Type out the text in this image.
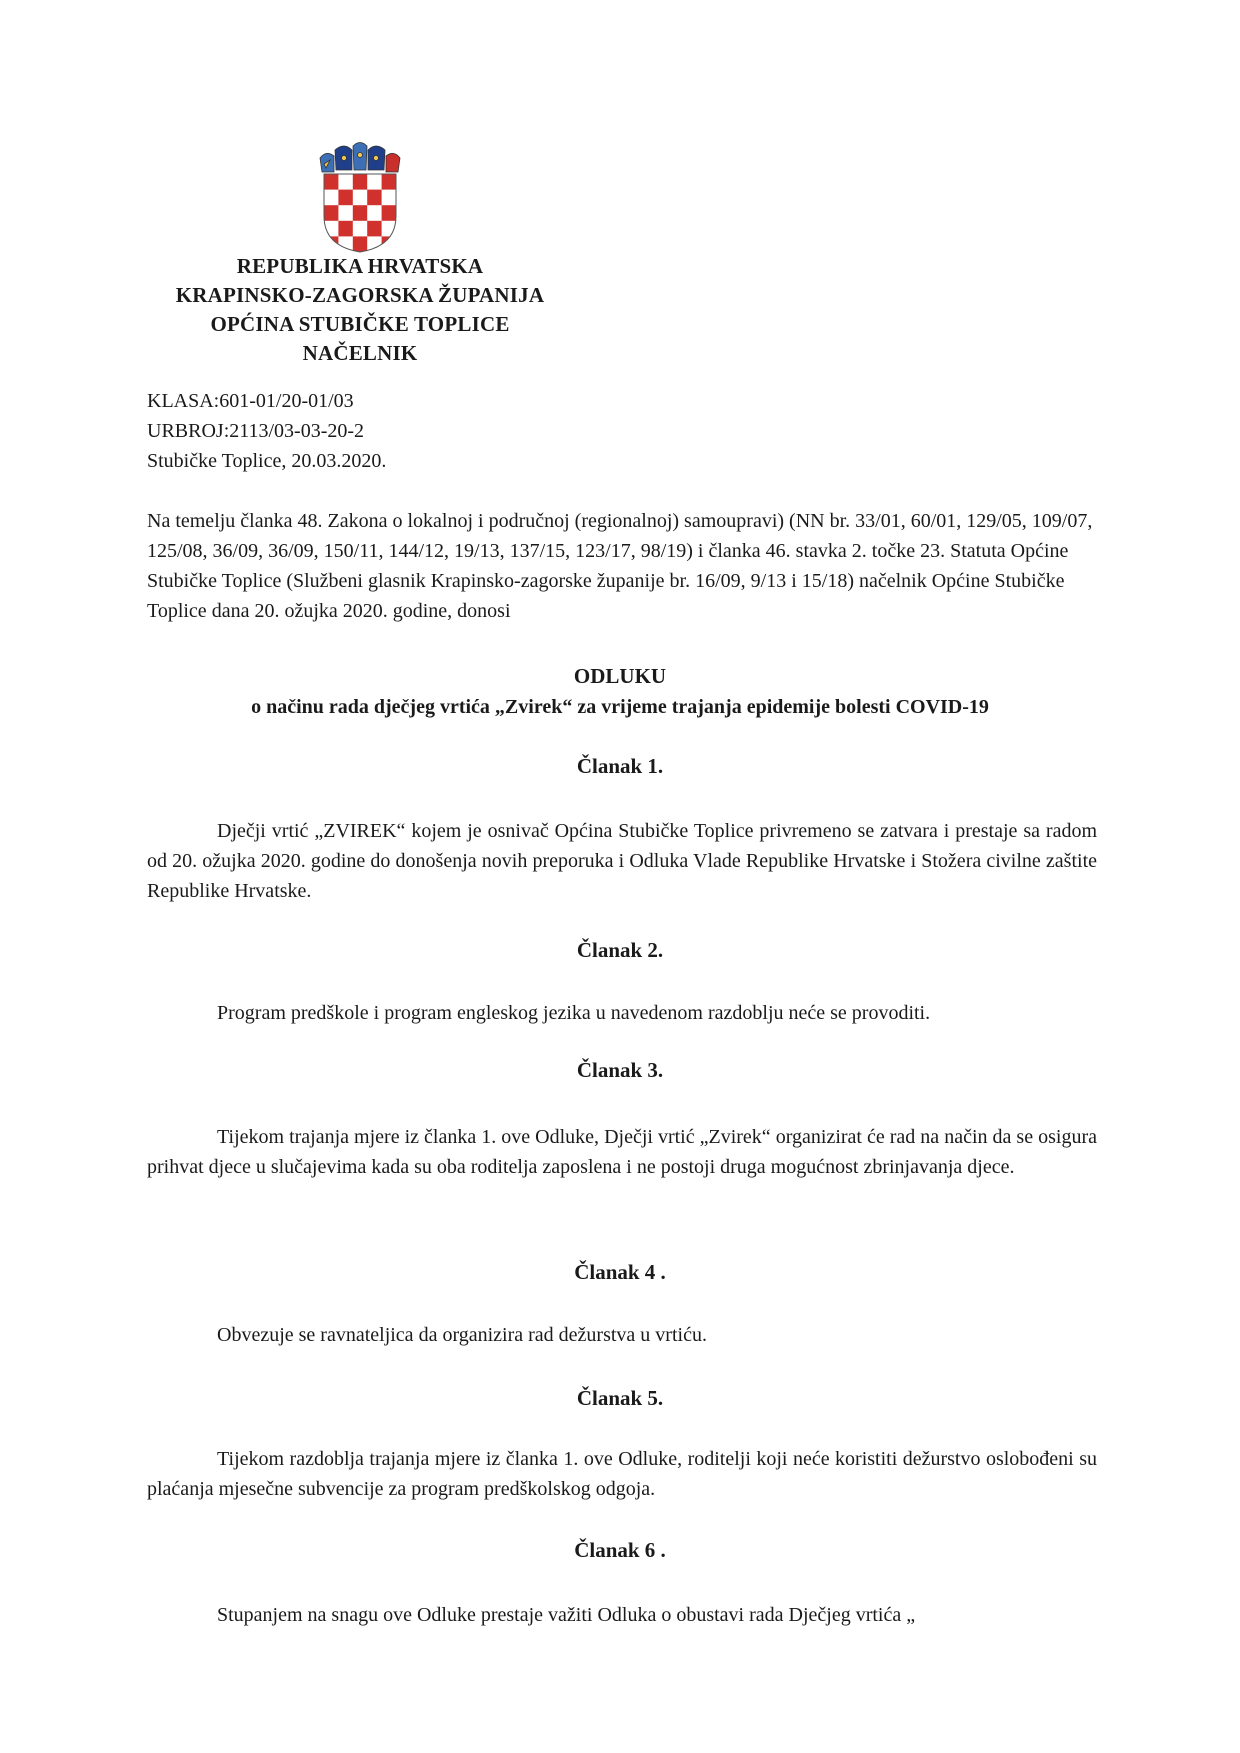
REPUBLIKA HRVATSKA
KRAPINSKO-ZAGORSKA ŽUPANIJA
OPĆINA STUBIČKE TOPLICE
NAČELNIK
KLASA:601-01/20-01/03
URBROJ:2113/03-03-20-2
Stubičke Toplice, 20.03.2020.
Na temelju članka 48. Zakona o lokalnoj i područnoj (regionalnoj) samoupravi) (NN br. 33/01, 60/01, 129/05, 109/07, 125/08, 36/09, 36/09, 150/11, 144/12, 19/13, 137/15, 123/17, 98/19) i članka 46. stavka 2. točke 23. Statuta Općine Stubičke Toplice (Službeni glasnik Krapinsko-zagorske županije br. 16/09, 9/13 i 15/18) načelnik Općine Stubičke Toplice dana 20. ožujka 2020. godine, donosi
ODLUKU
o načinu rada dječjeg vrtića „Zvirek“ za vrijeme trajanja epidemije bolesti COVID-19
Članak 1.
Dječji vrtić „ZVIREK“ kojem je osnivač Općina Stubičke Toplice privremeno se zatvara i prestaje sa radom od 20. ožujka 2020. godine do donošenja novih preporuka i Odluka Vlade Republike Hrvatske i Stožera civilne zaštite Republike Hrvatske.
Članak 2.
Program predškole i program engleskog jezika u navedenom razdoblju neće se provoditi.
Članak 3.
Tijekom trajanja mjere iz članka 1. ove Odluke, Dječji vrtić „Zvirek“ organizirat će rad na način da se osigura prihvat djece u slučajevima kada su oba roditelja zaposlena i ne postoji druga mogućnost zbrinjavanja djece.
Članak 4 .
Obvezuje se ravnateljica da organizira rad dežurstva u vrtiću.
Članak 5.
Tijekom razdoblja trajanja mjere iz članka 1. ove Odluke, roditelji koji neće koristiti dežurstvo oslobođeni su plaćanja mjesečne subvencije za program predškolskog odgoja.
Članak 6 .
Stupanjem na snagu ove Odluke prestaje važiti Odluka o obustavi rada Dječjeg vrtića „
